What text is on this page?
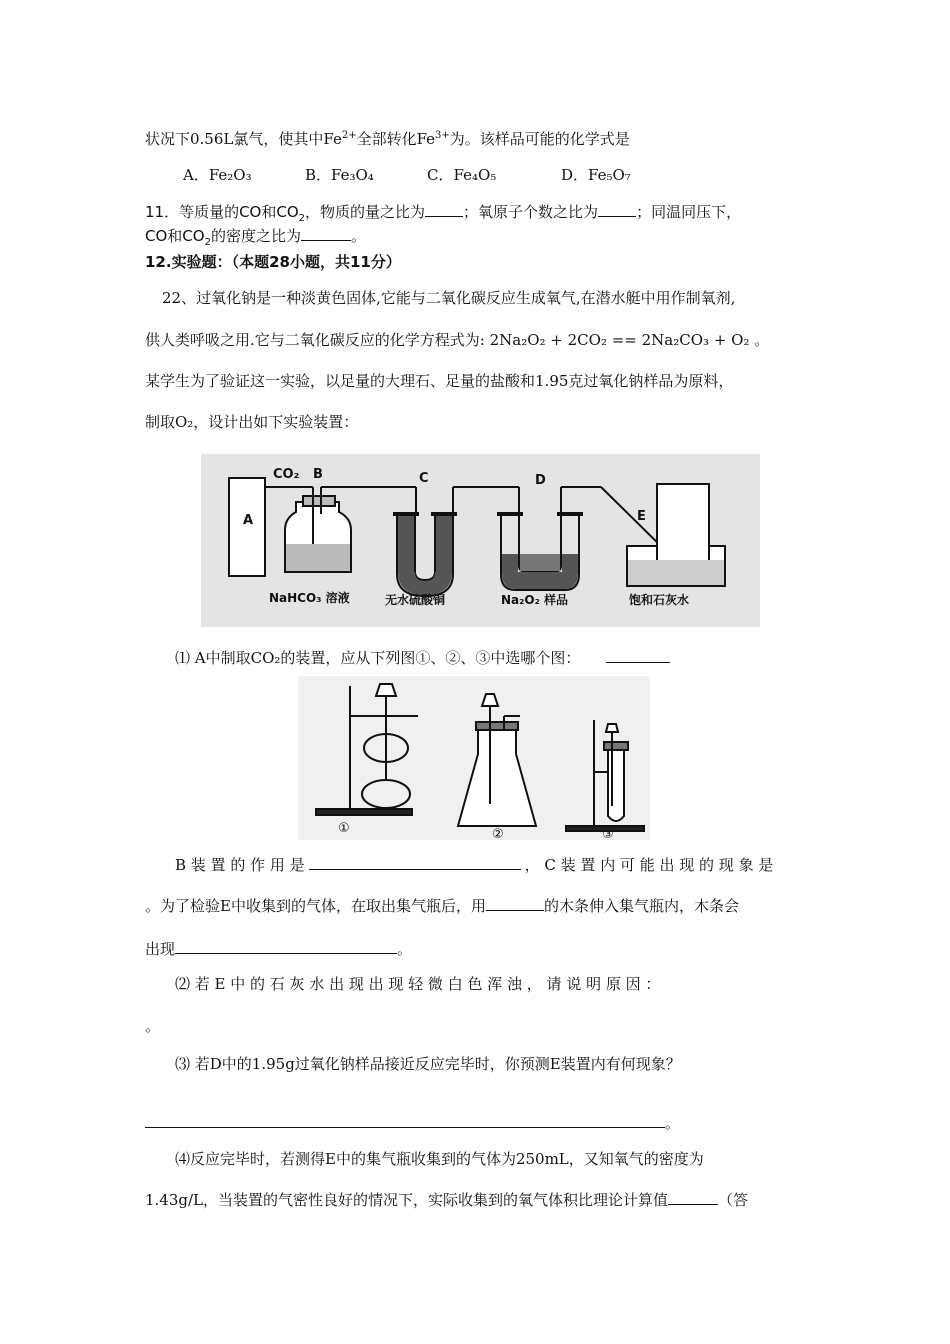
状况下0.56L氯气，使其中$Fe^{2+}$全部转化$Fe^{3+}$为。该样品可能的化学式是
A．Fe₂O₃	B．Fe₃O₄	C．Fe₄O₅	D．Fe₅O₇
11．等质量的CO和$CO_2$，物质的量之比为	；氧原子个数之比为	；同温同压下，
CO和$CO_2$的密度之比为	。
12.实验题：（本题28小题，共11分）
22、过氧化钠是一种淡黄色固体,它能与二氧化碳反应生成氧气,在潜水艇中用作制氧剂,
供人类呼吸之用.它与二氧化碳反应的化学方程式为: 2Na₂O₂ + 2CO₂ == 2Na₂CO₃ + O₂ 。
某学生为了验证这一实验，以足量的大理石、足量的盐酸和1.95克过氧化钠样品为原料，
制取O₂，设计出如下实验装置：
A
CO₂ B	C	D
E
NaHCO₃ 溶液	无水硫酸铜	Na₂O₂ 样品	饱和石灰水
⑴ A中制取CO₂的装置，应从下列图①、②、③中选哪个图：
①	②	③
B 装 置 的 作 用 是	， C 装 置 内 可 能 出 现 的 现 象 是
。为了检验E中收集到的气体，在取出集气瓶后，用	的木条伸入集气瓶内，木条会
出现	。
⑵ 若 E 中 的 石 灰 水 出 现 出 现 轻 微 白 色 浑 浊 ， 请 说 明 原 因 ：
。
⑶ 若D中的1.95g过氧化钠样品接近反应完毕时，你预测E装置内有何现象？
。
⑷反应完毕时，若测得E中的集气瓶收集到的气体为250mL，又知氧气的密度为
1.43g/L，当装置的气密性良好的情况下，实际收集到的氧气体积比理论计算值	（答
